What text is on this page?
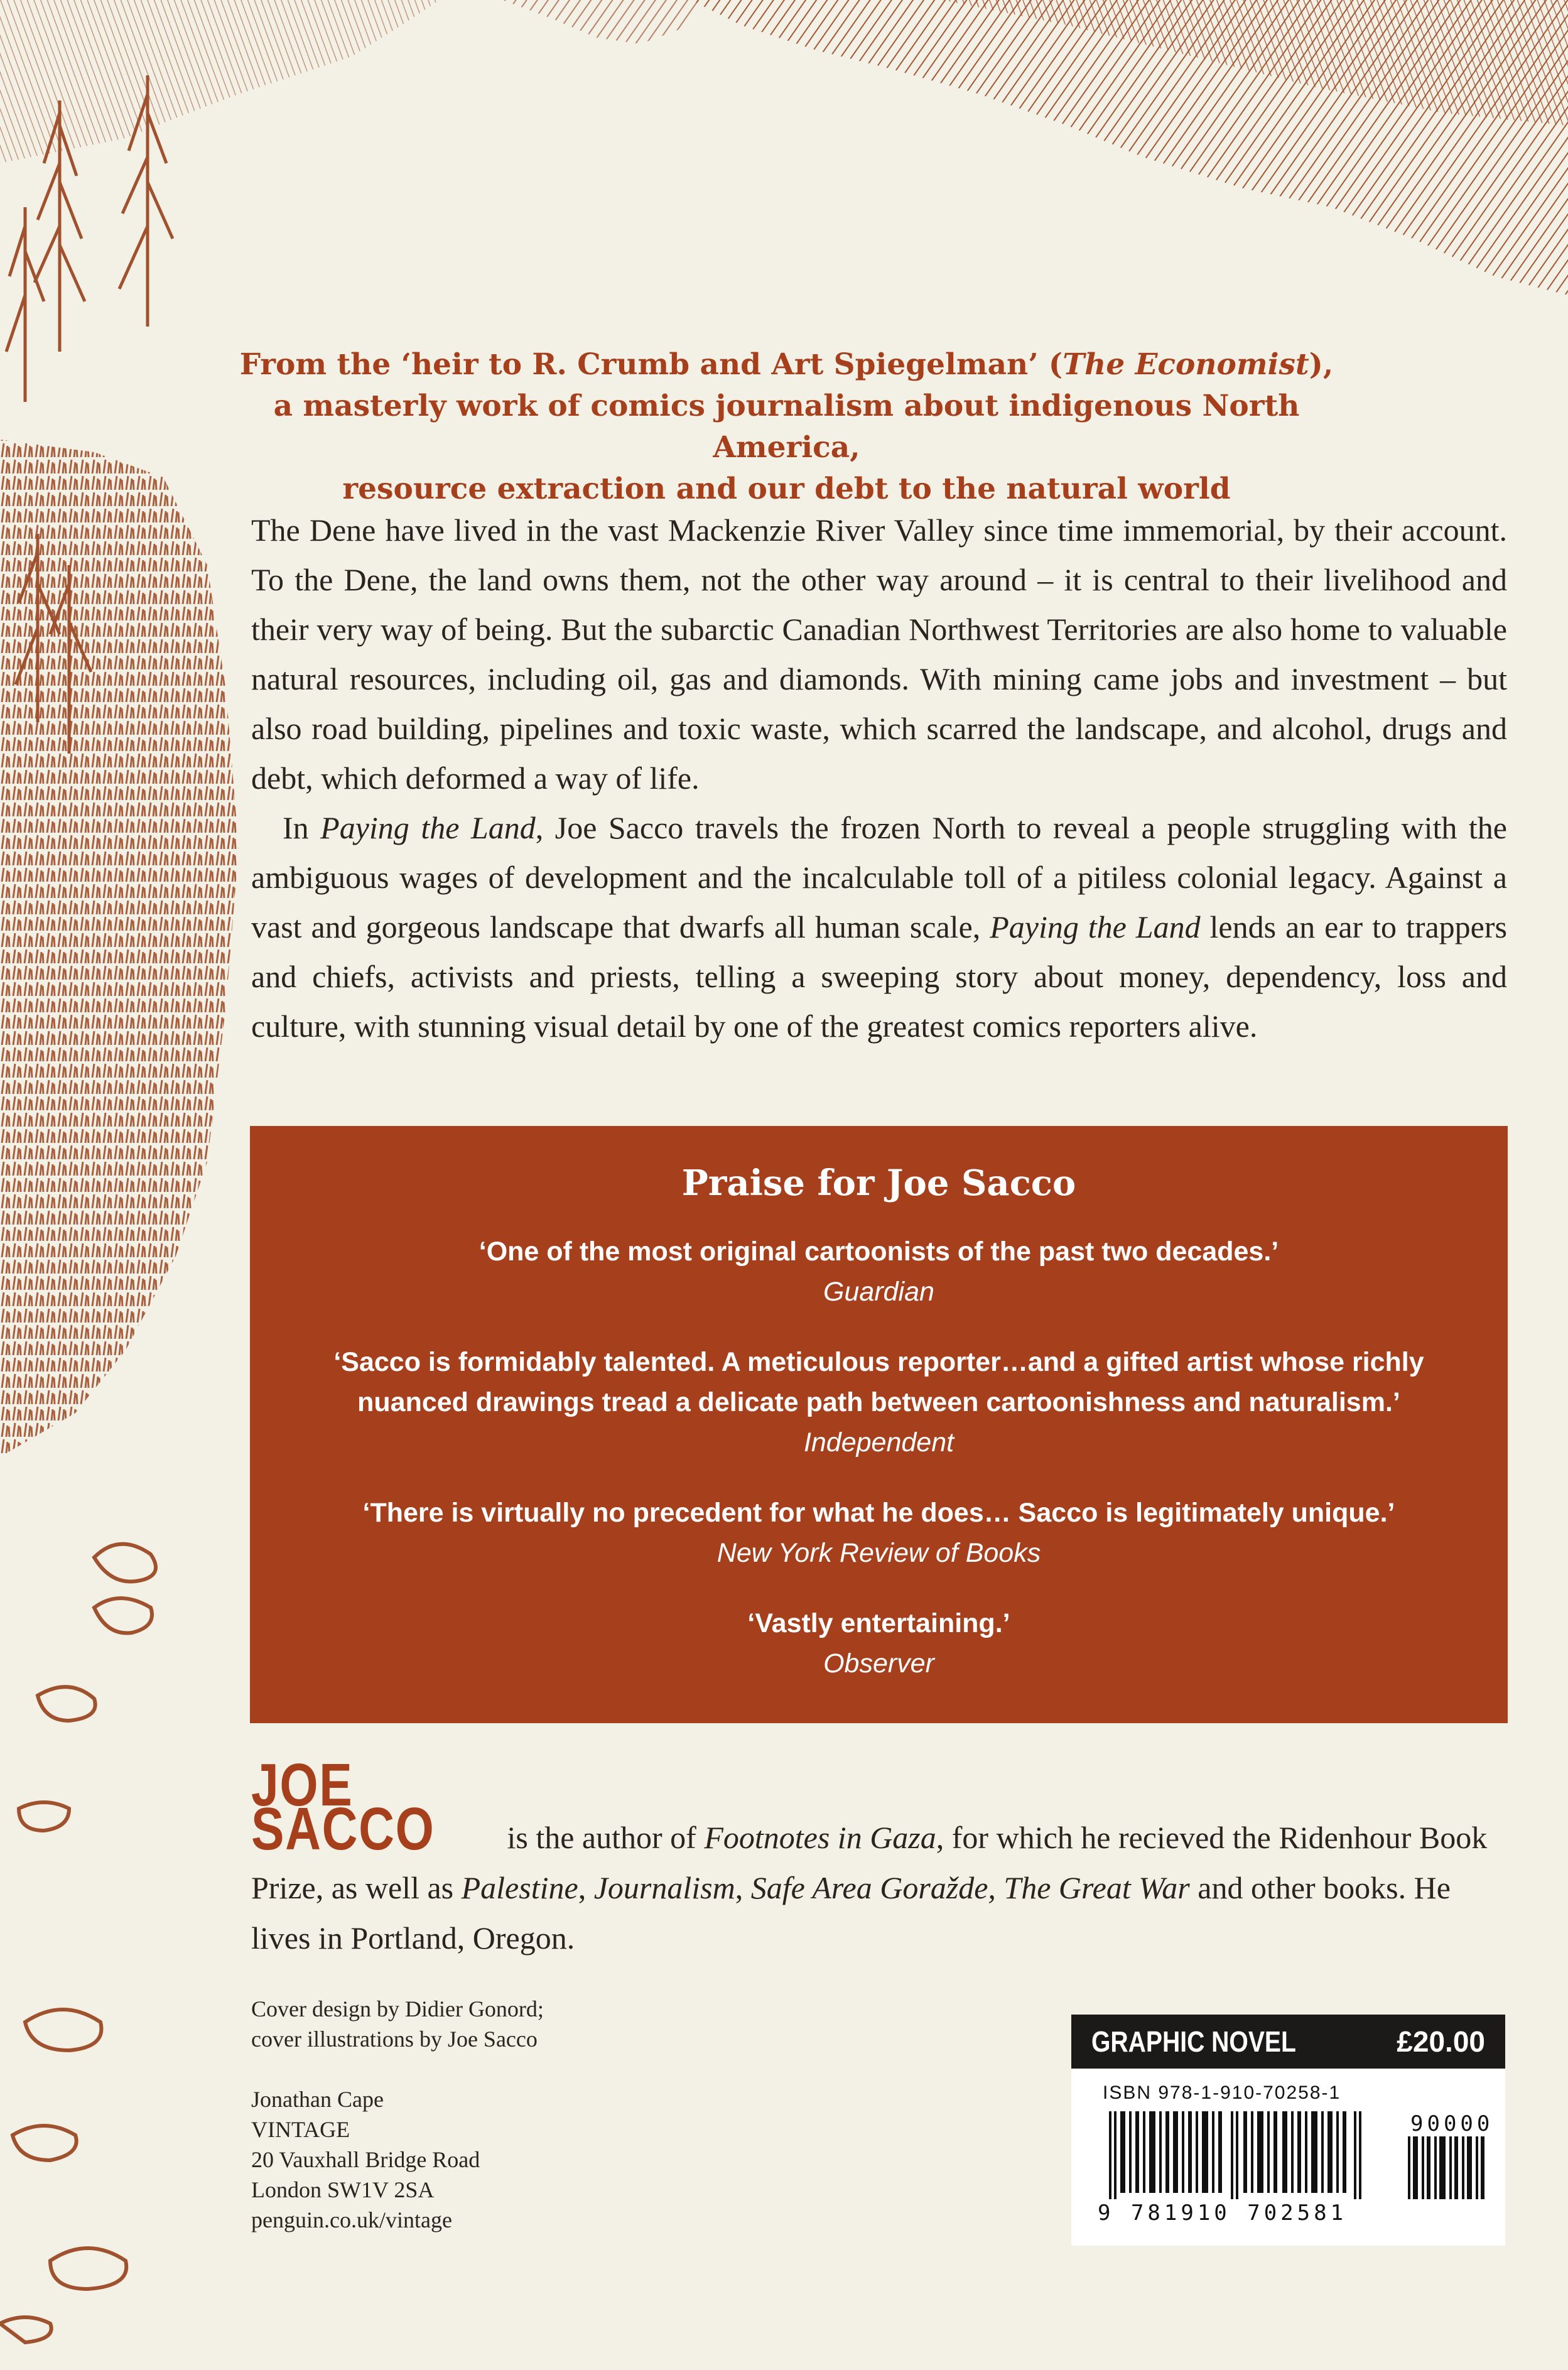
From the ‘heir to R. Crumb and Art Spiegelman’ (The Economist),
a masterly work of comics journalism about indigenous North America,
resource extraction and our debt to the natural world

The Dene have lived in the vast Mackenzie River Valley since time immemorial, by their account. To the Dene, the land owns them, not the other way around – it is central to their livelihood and their very way of being. But the subarctic Canadian Northwest Territories are also home to valuable natural resources, including oil, gas and diamonds. With mining came jobs and investment – but also road building, pipelines and toxic waste, which scarred the landscape, and alcohol, drugs and debt, which deformed a way of life.

In Paying the Land, Joe Sacco travels the frozen North to reveal a people struggling with the ambiguous wages of development and the incalculable toll of a pitiless colonial legacy. Against a vast and gorgeous landscape that dwarfs all human scale, Paying the Land lends an ear to trappers and chiefs, activists and priests, telling a sweeping story about money, dependency, loss and culture, with stunning visual detail by one of the greatest comics reporters alive.

Praise for Joe Sacco
‘One of the most original cartoonists of the past two decades.’
Guardian
‘Sacco is formidably talented. A meticulous reporter…and a gifted artist whose richly
nuanced drawings tread a delicate path between cartoonishness and naturalism.’
Independent
‘There is virtually no precedent for what he does… Sacco is legitimately unique.’
New York Review of Books
‘Vastly entertaining.’
Observer
JOE SACCO is the author of Footnotes in Gaza, for which he recieved the Ridenhour Book Prize, as well as Palestine, Journalism, Safe Area Goražde, The Great War and other books. He lives in Portland, Oregon.
Cover design by Didier Gonord;
cover illustrations by Joe Sacco
Jonathan Cape
VINTAGE
20 Vauxhall Bridge Road
London SW1V 2SA
penguin.co.uk/vintage
GRAPHIC NOVEL	£20.00
ISBN 978-1-910-70258-1
90000
9 781910 702581
